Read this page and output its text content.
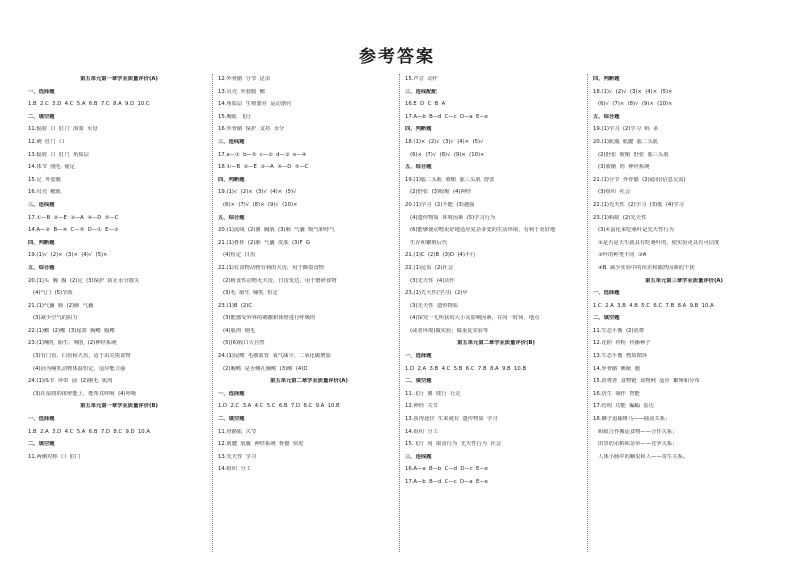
参考答案
第五单元第一章学业质量评价(A)
一、选择题
1.B  2.C  3.D  4.C  5.A  6.B  7.C  8.A  9.D  10.C
二、填空题
11.辐射  口  肛门  海葵  水母
12.刺  肛门  口
13.辐射  口  肛门  角质层
14.体节  刚毛  使足
15.足  外套膜
16.贝壳  鳃肌
三、连线题
17.①—B  ②—E  ③—A  ④—D  ⑤—C
14.A—②  B—④  C—⑤  D—①  E—③
四、判断题
19.(1)√  (2)×  (3)×  (4)√  (5)×
五、综合题
20.(1)头  胸  腹  (2)足  (3)保护  防止水分散失
(4)气门  (5)节肢
21.(1)气囊  肺  (2)肺  气囊
(3)减少空气的阻力
22.(1)鳃  (2)鳃  (3)尾部  胸鳍  腹鳍
23.(1)哺乳  胎生、哺乳  (2)神经系统
(3)有门齿、臼齿和犬齿，适于由尖锐食物
(4)因为哺乳动物体温恒定，适应能力强
24.(1)体节  环带  前  (2)刚毛  肌肉
(3)在湿润的体壁能上，能帮其呼吸  (4)呼吸
第五单元第一章学业质量评价(B)
一、选择题
1.B  2.A  3.D  4.C  5.A  6.B  7.D  8.C  9.D  10.A
二、填空题
11.两侧对称  口  肛门
12.外骨骼  分节  昆虫
13.贝壳  外套膜  鳃
14.角质层  生殖器官  运动器官
15.胸肌  飞行
16.外骨骼  保护  支持  水分
三、连线题
17.a—①  b—⑤  c—②  d—③  e—④
18.①—B  ②—E  ③—A  ④—D  ⑤—C
四、判断题
19.(1)√  (2)×  (3)√  (4)×  (5)√
(6)×  (7)√  (8)×  (9)√  (10)×
五、综合题
20.(1)流线  (2)翼  胸肌  (3)肺  气囊  吸气和呼气
21.(1)脊柱  (2)肺  气囊  皮肤  (3)F  G
(4)恒定  日齿
22.(1)有食物动物有利的犬齿，用于撕裂食物
(2)植食性动物无犬齿，日齿发达，用于磨碎食物
(3)毛  胎生  哺乳  恒定
23.(1)B  (2)C
(3)能感受外界的刺激和体壁进行呼吸的
(4)肌肉  刚毛
(5)(6)收口大自然
24.(1)尾鳍  毛细血管  氧气减少，二氧化碳增加
(2)胸鳍  是否侧孔胸鳍  (3)鳍  (4)D
第五单元第二章学业质量评价(A)
一、选择题
1.D  2.C  3.A  4.C  5.C  6.B  7.D  8.C  9.A  10.B
二、填空题
11.骨骼肌  关节
12.肌腱  肌腹  神经系统  骨骼  快进
13.先天性  学习
14.组织  分工
15.声音  动作
三、连线配配
16.E  D  C  B  A
17.A—b  B—d  C—c  D—a  E—e
四、判断题
18.(1)×  (2)√  (3)√  (4)×  (5)√
(6)×  (7)√  (8)√  (9)×  (10)×
五、综合题
19.(1)肱二头肌  收缩  肱三头肌  舒张
(2)舒张  (3)收缩  (4)神经
20.(1)学习  (2)不能  (3)越强
(4)遗传物质  环境因素  (5)学习行为
(6)能够使动物更好地适应复杂多变的生活环境，有利于更好地
生存和繁殖后代
21.(1)C  (2)B  (3)D  (4)不行
22.(1)昆虫  (2)社会
(3)先天性  (4)动作
23.(1)先天性(学习)  (2)甲
(3)先天性  遗传物质
(4)探究一无所获的大小及影响因素，在同一时间、地点
(或者环境)做实验；做重复实验等
第五单元第二章学业质量评价(B)
一、选择题
1.D  2.A  3.B  4.C  5.B  6.C  7.B  8.A  9.B  10.B
二、填空题
11.飞行  翼  爬行  行走
12.神经  关节
13.获得途径  生来就有  遗传物质  学习
14.组织  分工
15.飞行  用  取食行为  先天性行为  社会
三、连线题
16.A—a  B—b  C—d  D—c  E—e
17.A—b  B—d  C—c  D—a  E—e
四、判断题
18.(1)√  (2)√  (3)×  (4)×  (5)×
(6)√  (7)×  (8)√  (9)×  (10)×
五、综合题
19.(1)学习  (2)学习  蚂  多
20.(1)肌腹  肌腱  肱二头肌
(2)舒张  收缩  舒张  肱三头肌
(3)收缩  肉  神经系统
21.(1)分节  外骨骼  (2)通讯(信息交流)
(3)组织  社会
22.(1)先天性  (2)学习  (3)低  (4)学习
23.(1)蚂蚁  (2)先天性
(3)①蚕化来吃桑叶是先天性行为
②是否是天生就具有吃桑叶的，使实验更具有可信度
③叶的种类不同  ③A
④B  减少实验中的误差和偶然因素的干扰
第五单元第三章学业质量评价(A)
一、选择题
1.C  2.A  3.B  4.B  5.C  6.C  7.B  8.A  9.B  10.A
二、填空题
11.生态平衡  (2)消费
12.花粉  传粉  传播种子
13.生态平衡  物质循环
14.外骨骼  睡眠  胞
15.消费者  食物链  食物网  适应  繁殖和分布
16.仿生  制作  智能
17.结构  功能  蝙蝠  雷达
18.狮子追捕斑马——捕食关系；
蚂蚁合作搬运食物——合作关系；
田里的水稻和杂草——竞争关系；
人体小肠中的蛔虫和人——寄生关系。
